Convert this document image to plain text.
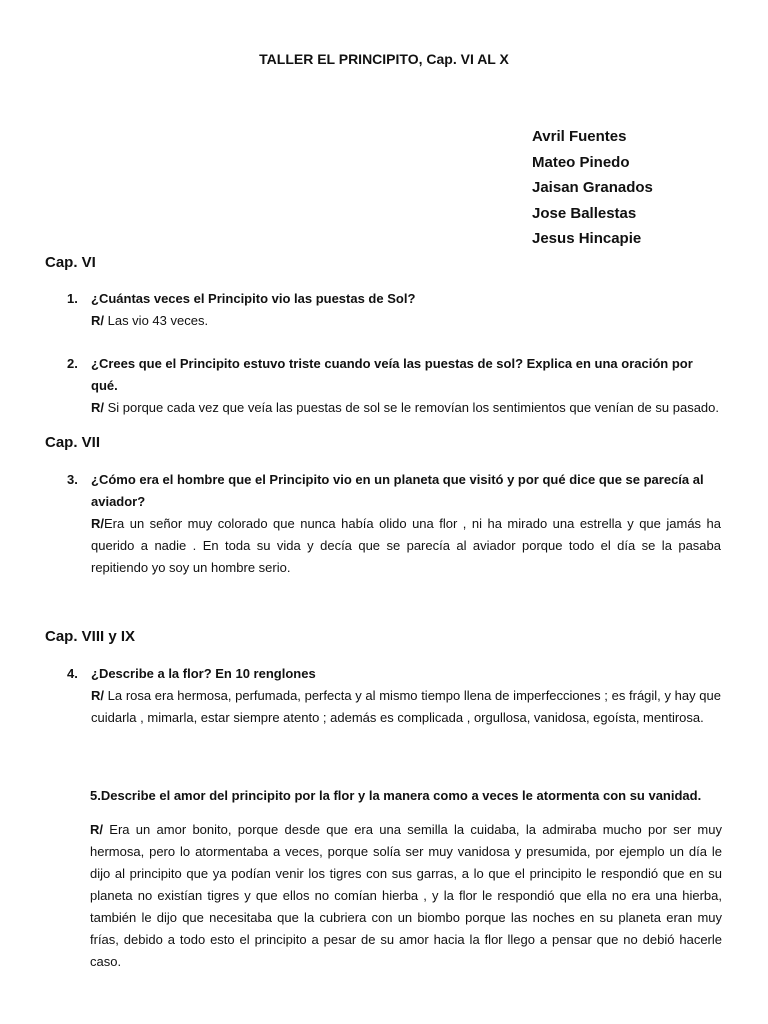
TALLER EL PRINCIPITO, Cap. VI AL X
Avril Fuentes
Mateo Pinedo
Jaisan Granados
Jose Ballestas
Jesus Hincapie
Cap. VI
1. ¿Cuántas veces el Principito vio las puestas de Sol?
R/ Las vio 43 veces.
2. ¿Crees que el Principito estuvo triste cuando veía las puestas de sol? Explica en una oración por qué.
R/ Si porque cada vez que veía las puestas de sol se le removían los sentimientos que venían de su pasado.
Cap. VII
3. ¿Cómo era el hombre que el Principito vio en un planeta que visitó y por qué dice que se parecía al aviador?
R/Era un señor muy colorado que nunca había olido una flor , ni ha mirado una estrella y que jamás ha querido a nadie . En toda su vida y decía que se parecía al aviador porque todo el día se la pasaba repitiendo yo soy un hombre serio.
Cap. VIII y IX
4. ¿Describe a la flor? En 10 renglones
R/ La rosa era hermosa, perfumada, perfecta y al mismo tiempo llena de imperfecciones ; es frágil, y hay que cuidarla , mimarla, estar siempre atento ; además es complicada , orgullosa, vanidosa, egoísta, mentirosa.
5.Describe el amor del principito por la flor y la manera como a veces le atormenta con su vanidad.
R/ Era un amor bonito, porque desde que era una semilla la cuidaba, la admiraba mucho por ser muy hermosa, pero lo atormentaba a veces, porque solía ser muy vanidosa y presumida, por ejemplo un día le dijo al principito que ya podían venir los tigres con sus garras, a lo que el principito le respondió que en su planeta no existían tigres y que ellos no comían hierba , y la flor le respondió que ella no era una hierba, también le dijo que necesitaba que la cubriera con un biombo porque las noches en su planeta eran muy frías, debido a todo esto el principito a pesar de su amor hacia la flor llego a pensar que no debió hacerle caso.
